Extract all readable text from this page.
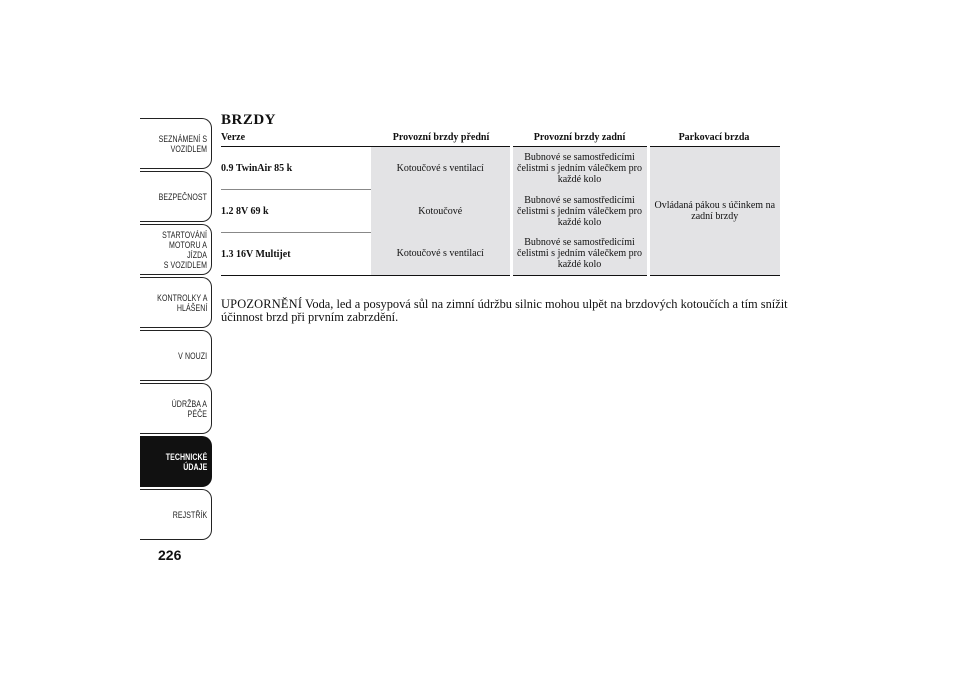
SEZNÁMENÍ S
VOZIDLEM
BEZPEČNOST
STARTOVÁNÍ
MOTORU A JÍZDA
S VOZIDLEM
KONTROLKY A
HLÁŠENÍ
V NOUZI
ÚDRŽBA A PÉČE
TECHNICKÉ
ÚDAJE
REJSTŘÍK
226
BRZDY
Verze	Provozní brzdy přední	Provozní brzdy zadní	Parkovací brzda
0.9 TwinAir 85 k	Kotoučové s ventilací	Bubnové se samostředicími čelistmi s jedním válečkem pro každé kolo	Ovládaná pákou s účinkem na zadní brzdy
1.2 8V 69 k	Kotoučové	Bubnové se samostředicími čelistmi s jedním válečkem pro každé kolo	
1.3 16V Multijet	Kotoučové s ventilací	Bubnové se samostředicími čelistmi s jedním válečkem pro každé kolo	

UPOZORNĚNÍ Voda, led a posypová sůl na zimní údržbu silnic mohou ulpět na brzdových kotoučích a tím snížit účinnost brzd při prvním zabrzdění.
